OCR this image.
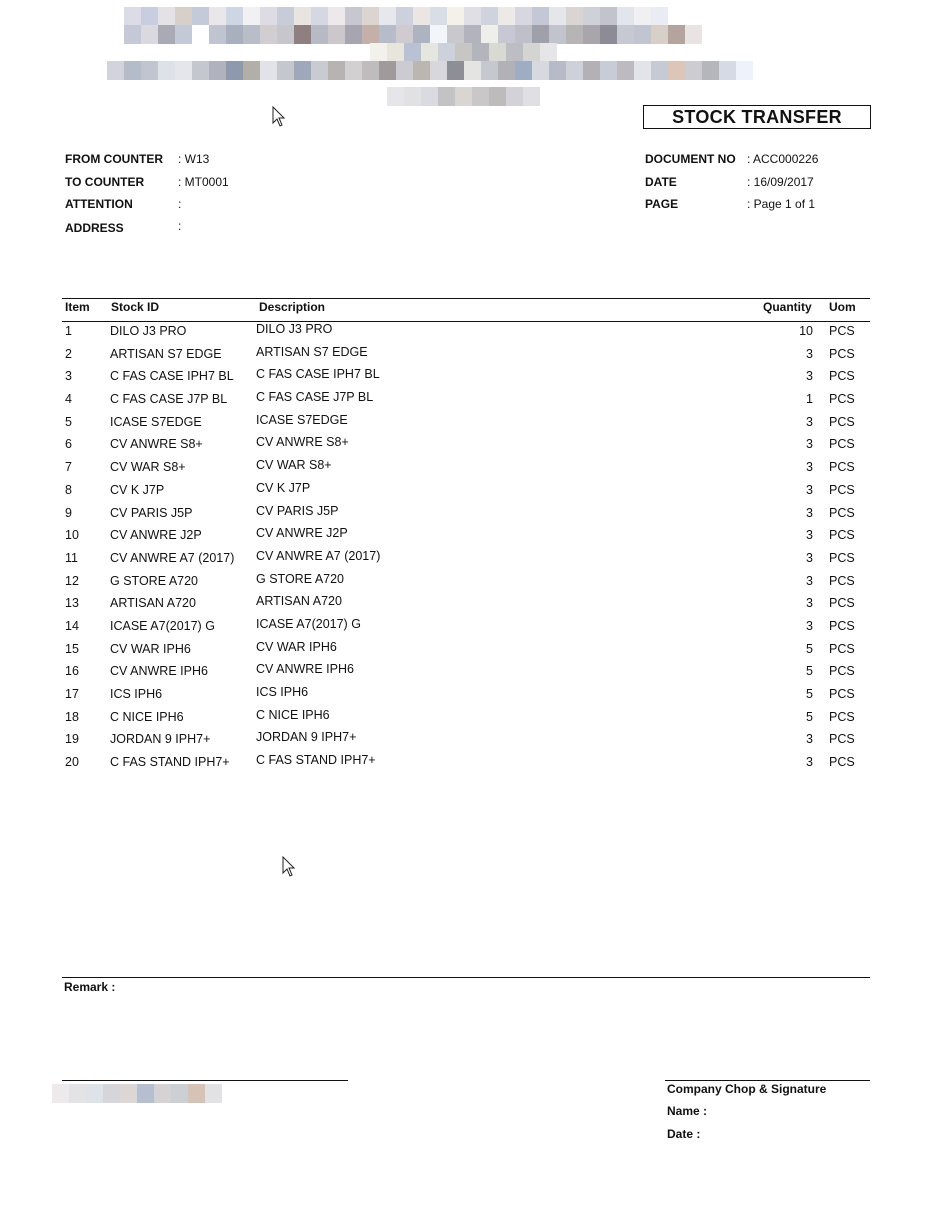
STOCK TRANSFER
FROM COUNTER : W13
TO COUNTER	: MT0001
ATTENTION	:
ADDRESS	:
DOCUMENT NO : ACC000226
DATE	: 16/09/2017
PAGE	: Page 1 of 1
Item Stock ID	Description	Quantity Uom
1	DILO J3 PRO	DILO J3 PRO	10 PCS
2	ARTISAN S7 EDGE	ARTISAN S7 EDGE	3 PCS
3	C FAS CASE IPH7 BL C FAS CASE IPH7 BL	3 PCS
4	C FAS CASE J7P BL C FAS CASE J7P BL	1 PCS
5	ICASE S7EDGE	ICASE S7EDGE	3 PCS
6	CV ANWRE S8+	CV ANWRE S8+	3 PCS
7	CV WAR S8+	CV WAR S8+	3 PCS
8	CV K J7P	CV K J7P	3 PCS
9	CV PARIS J5P	CV PARIS J5P	3 PCS
10 CV ANWRE J2P	CV ANWRE J2P	3 PCS
11	CV ANWRE A7 (2017) CV ANWRE A7 (2017)	3 PCS
12 G STORE A720	G STORE A720	3 PCS
13 ARTISAN A720	ARTISAN A720	3 PCS
14 ICASE A7(2017) G	ICASE A7(2017) G	3 PCS
15 CV WAR IPH6	CV WAR IPH6	5 PCS
16 CV ANWRE IPH6	CV ANWRE IPH6	5 PCS
17 ICS IPH6	ICS IPH6	5 PCS
18 C NICE IPH6	C NICE IPH6	5 PCS
19 JORDAN 9 IPH7+	JORDAN 9 IPH7+	3 PCS
20 C FAS STAND IPH7+ C FAS STAND IPH7+	3 PCS
Remark :
Company Chop & Signature
Name :
Date :
